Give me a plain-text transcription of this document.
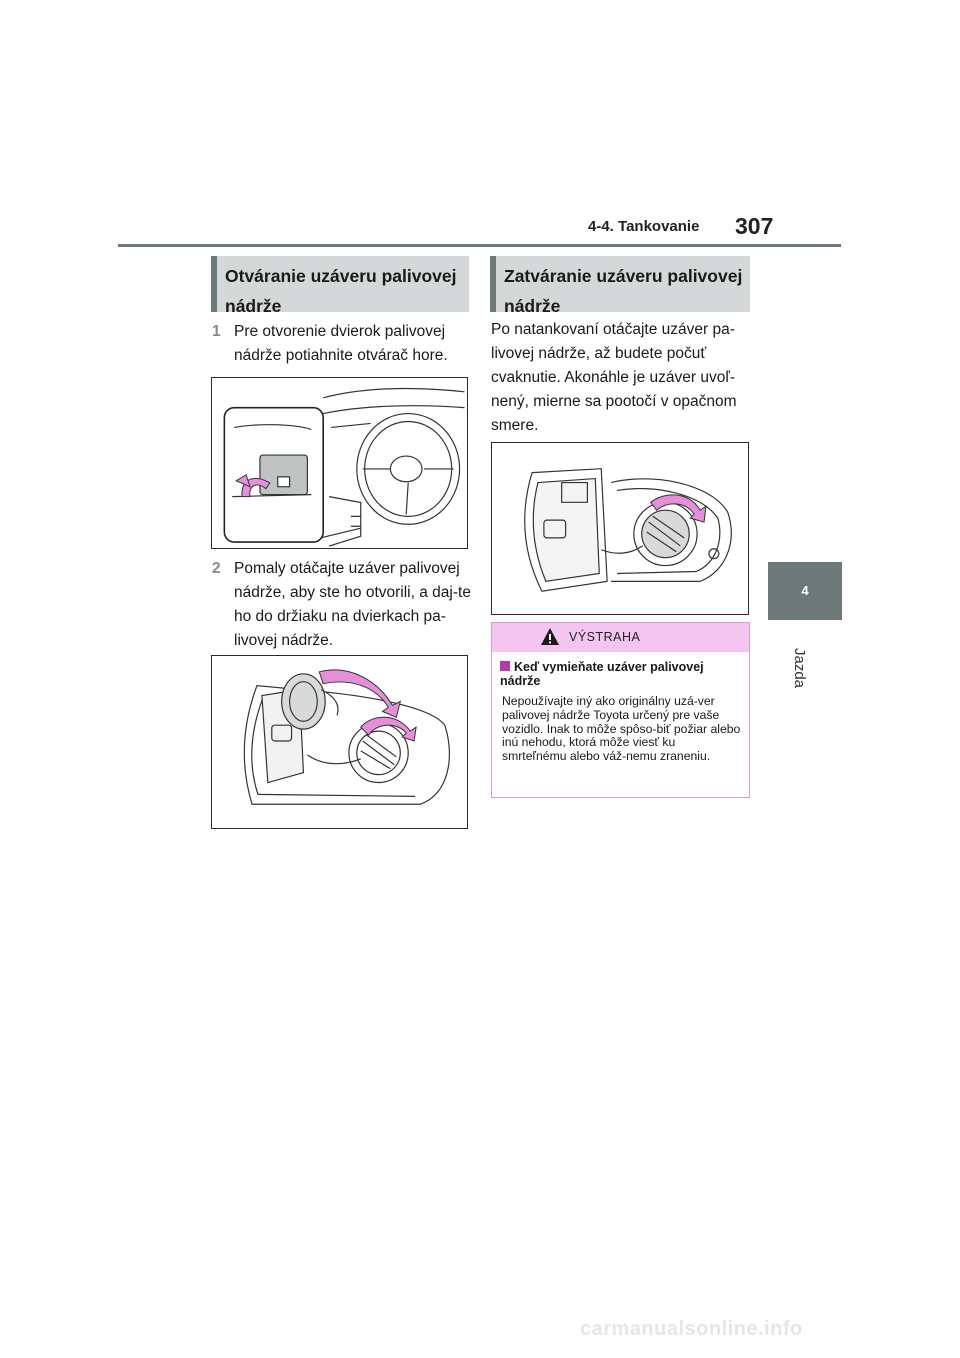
4-4. Tankovanie 307
4
Jazda
Otváranie uzáveru palivovej nádrže
1 Pre otvorenie dvierok palivovej nádrže potiahnite otvárač hore.
2 Pomaly otáčajte uzáver palivovej nádrže, aby ste ho otvorili, a daj-te ho do držiaku na dvierkach pa-livovej nádrže.
Zatváranie uzáveru palivovej nádrže
Po natankovaní otáčajte uzáver pa-livovej nádrže, až budete počuť cvaknutie. Akonáhle je uzáver uvoľ-nený, mierne sa pootočí v opačnom smere.
VÝSTRAHA
Keď vymieňate uzáver palivovej nádrže
Nepoužívajte iný ako originálny uzá-ver palivovej nádrže Toyota určený pre vaše vozidlo. Inak to môže spôso-biť požiar alebo inú nehodu, ktorá môže viesť ku smrteľnému alebo váž-nemu zraneniu.
carmanualsonline.info
